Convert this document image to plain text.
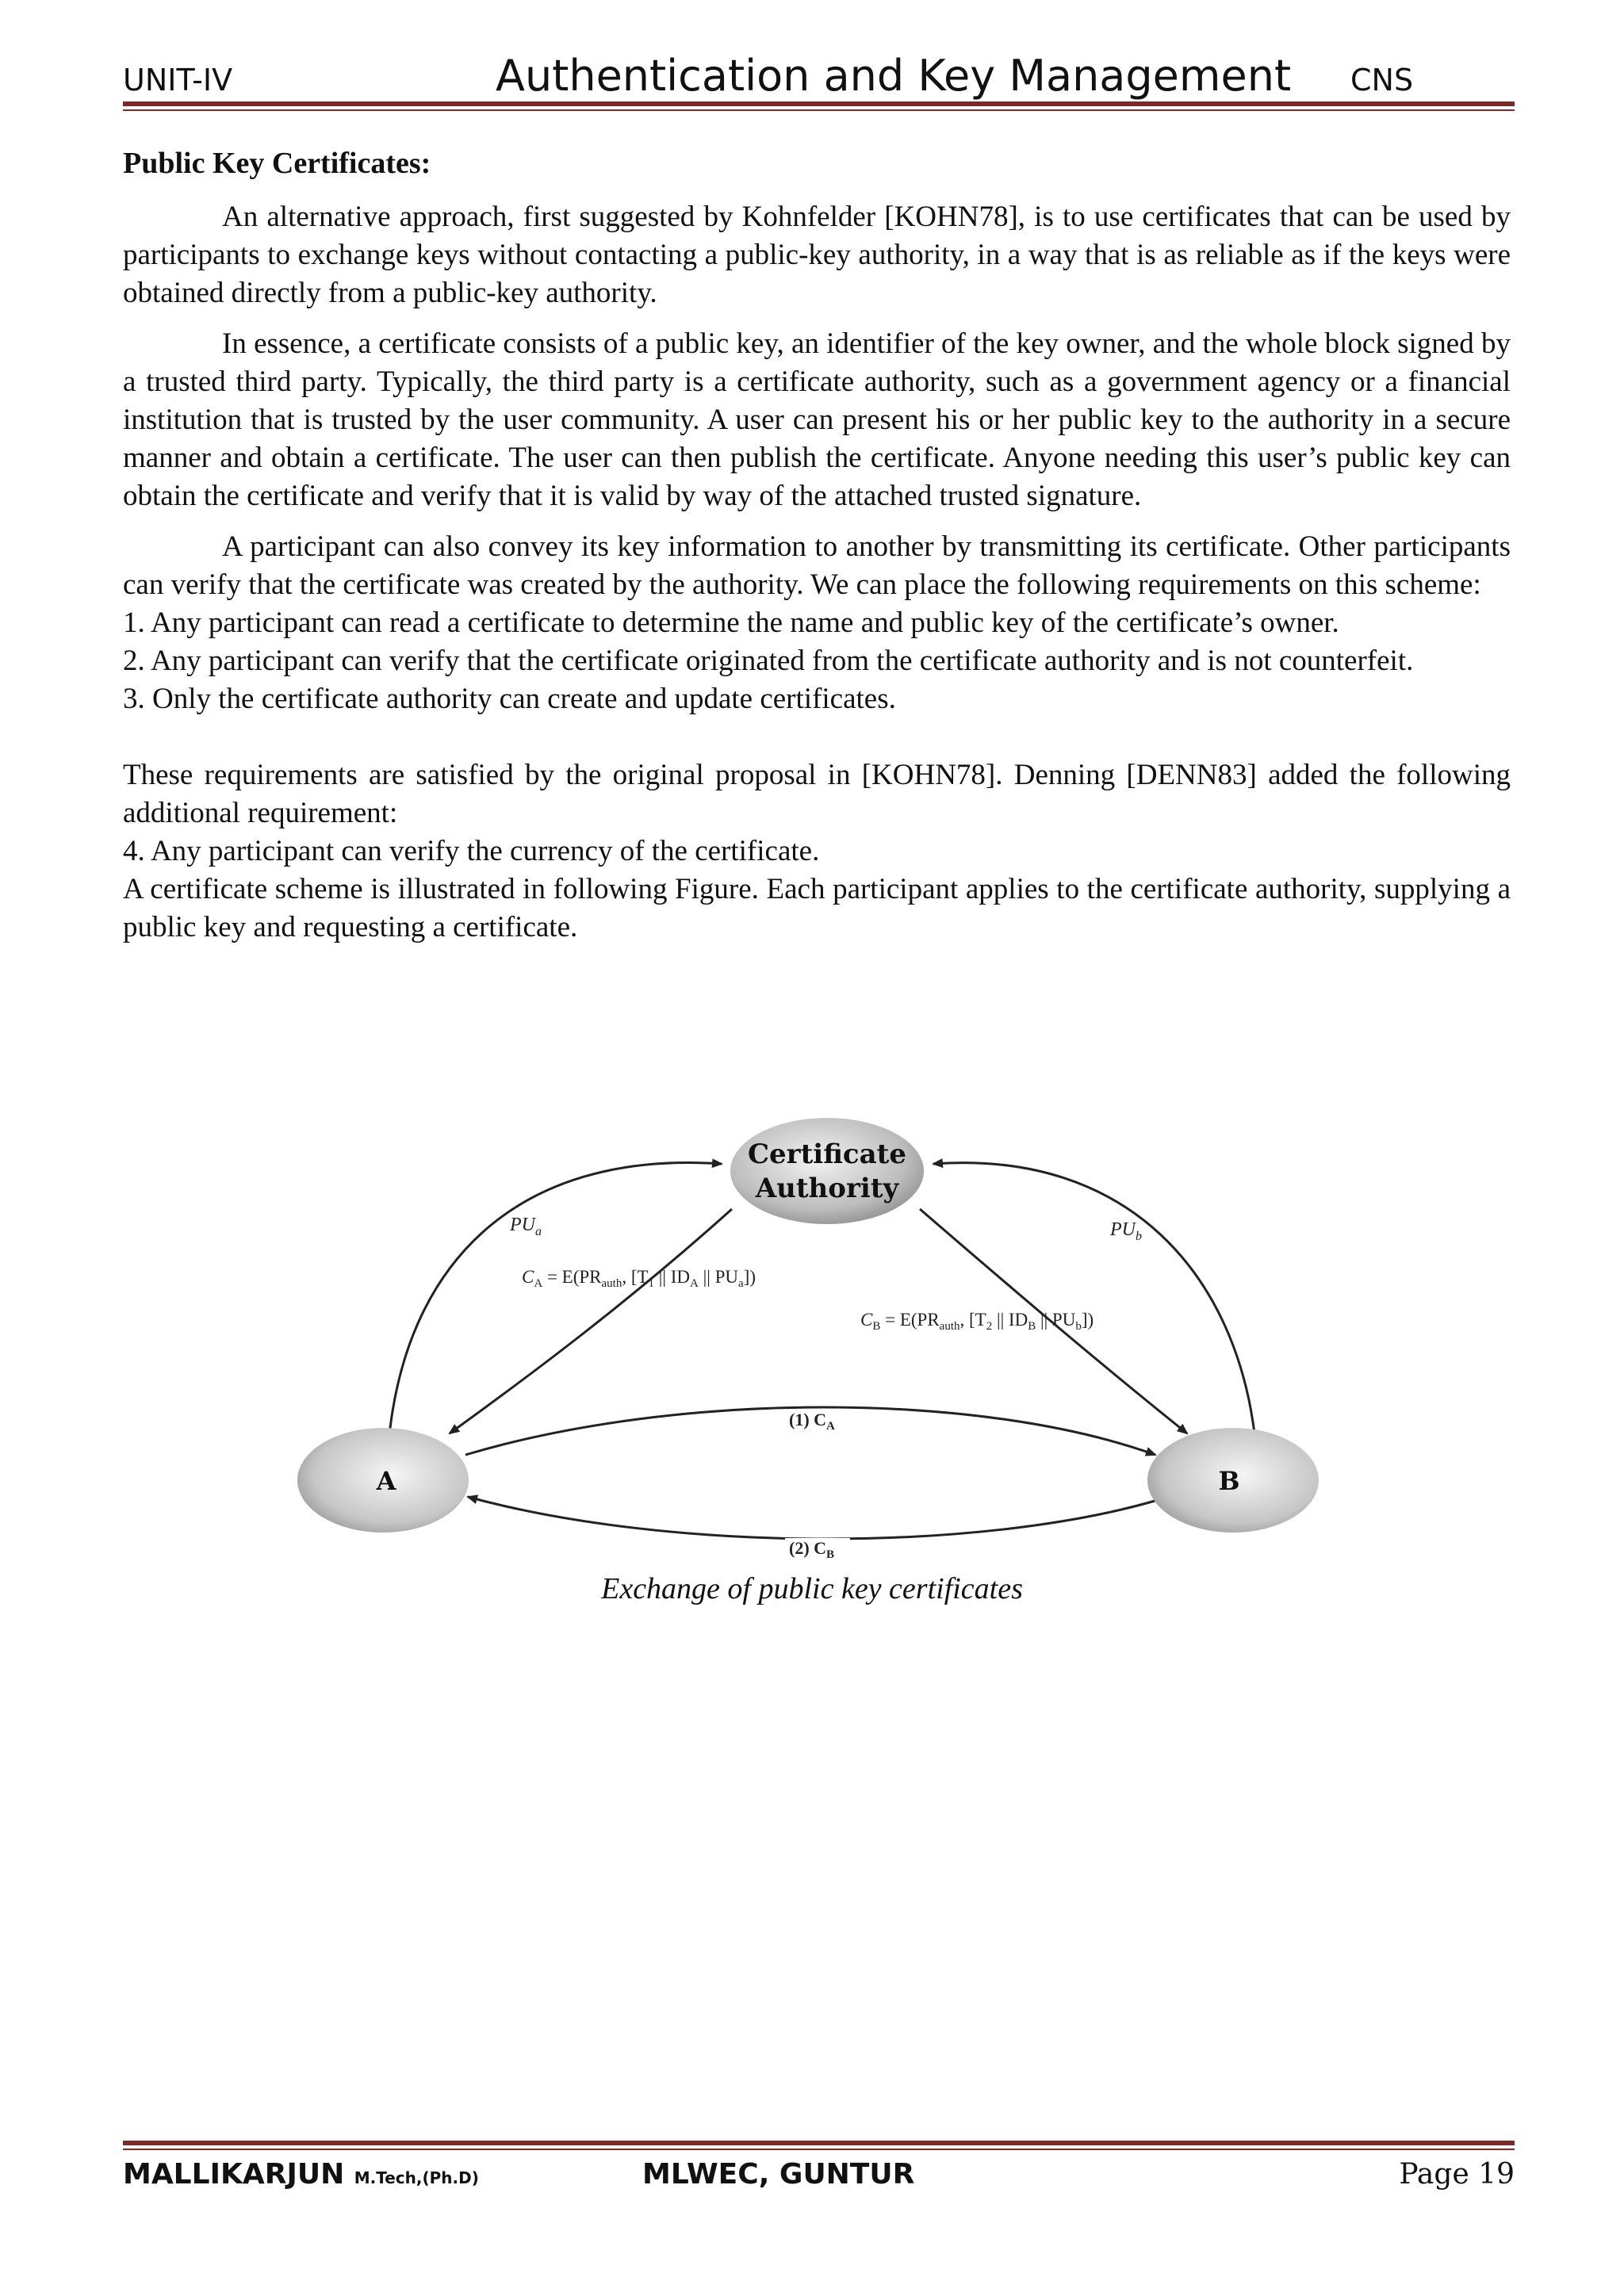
UNIT-IV	Authentication and Key Management CNS
Public Key Certificates:

An alternative approach, first suggested by Kohnfelder [KOHN78], is to use certificates that can be used by participants to exchange keys without contacting a public-key authority, in a way that is as reliable as if the keys were obtained directly from a public-key authority.

In essence, a certificate consists of a public key, an identifier of the key owner, and the whole block signed by a trusted third party. Typically, the third party is a certificate authority, such as a government agency or a financial institution that is trusted by the user community. A user can present his or her public key to the authority in a secure manner and obtain a certificate. The user can then publish the certificate. Anyone needing this user’s public key can obtain the certificate and verify that it is valid by way of the attached trusted signature.

A participant can also convey its key information to another by transmitting its certificate. Other participants can verify that the certificate was created by the authority. We can place the following requirements on this scheme:

1. Any participant can read a certificate to determine the name and public key of the certificate’s owner.

2. Any participant can verify that the certificate originated from the certificate authority and is not counterfeit.

3. Only the certificate authority can create and update certificates.

These requirements are satisfied by the original proposal in [KOHN78]. Denning [DENN83] added the following additional requirement:

4. Any participant can verify the currency of the certificate.

A certificate scheme is illustrated in following Figure. Each participant applies to the certificate authority, supplying a public key and requesting a certificate.

Certificate
Authority
A	B
$PU_a$	$PU_b$
$C_A = E(PR_{auth}$, [$T_1$ || $ID_A$ || $PU_a$])
$C_B = E(PR_{auth}$, [$T_2$ || $ID_B$ || $PU_b$])
(1) $C_A$
(2) $C_B$
Exchange of public key certificates
MALLIKARJUN M.Tech,(Ph.D)	MLWEC, GUNTUR	Page 19
